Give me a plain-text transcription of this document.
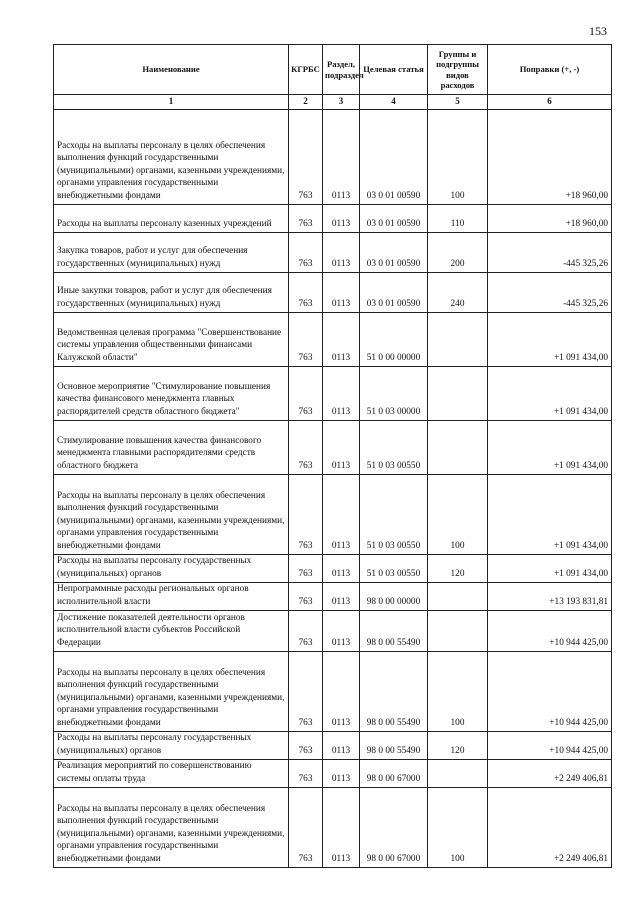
153
Наименование	КГРБС	Раздел, подраздел	Целевая статья	Группы и подгруппы видов расходов	Поправки (+, -)
1	2	3	4	5	6
Расходы на выплаты персоналу в целях обеспечения выполнения функций государственными (муниципальными) органами, казенными учреждениями, органами управления государственными внебюджетными фондами	763	0113	03 0 01 00590	100	+18 960,00
Расходы на выплаты персоналу казенных учреждений	763	0113	03 0 01 00590	110	+18 960,00
Закупка товаров, работ и услуг для обеспечения государственных (муниципальных) нужд	763	0113	03 0 01 00590	200	-445 325,26
Иные закупки товаров, работ и услуг для обеспечения государственных (муниципальных) нужд	763	0113	03 0 01 00590	240	-445 325,26
Ведомственная целевая программа "Совершенствование системы управления общественными финансами Калужской области"	763	0113	51 0 00 00000		+1 091 434,00
Основное мероприятие "Стимулирование повышения качества финансового менеджмента главных распорядителей средств областного бюджета"	763	0113	51 0 03 00000		+1 091 434,00
Стимулирование повышения качества финансового менеджмента главными распорядителями средств областного бюджета	763	0113	51 0 03 00550		+1 091 434,00
Расходы на выплаты персоналу в целях обеспечения выполнения функций государственными (муниципальными) органами, казенными учреждениями, органами управления государственными внебюджетными фондами	763	0113	51 0 03 00550	100	+1 091 434,00
Расходы на выплаты персоналу государственных (муниципальных) органов	763	0113	51 0 03 00550	120	+1 091 434,00
Непрограммные расходы региональных органов исполнительной власти	763	0113	98 0 00 00000		+13 193 831,81
Достижение показателей деятельности органов исполнительной власти субъектов Российской Федерации	763	0113	98 0 00 55490		+10 944 425,00
Расходы на выплаты персоналу в целях обеспечения выполнения функций государственными (муниципальными) органами, казенными учреждениями, органами управления государственными внебюджетными фондами	763	0113	98 0 00 55490	100	+10 944 425,00
Расходы на выплаты персоналу государственных (муниципальных) органов	763	0113	98 0 00 55490	120	+10 944 425,00
Реализация мероприятий по совершенствованию системы оплаты труда	763	0113	98 0 00 67000		+2 249 406,81
Расходы на выплаты персоналу в целях обеспечения выполнения функций государственными (муниципальными) органами, казенными учреждениями, органами управления государственными внебюджетными фондами	763	0113	98 0 00 67000	100	+2 249 406,81
